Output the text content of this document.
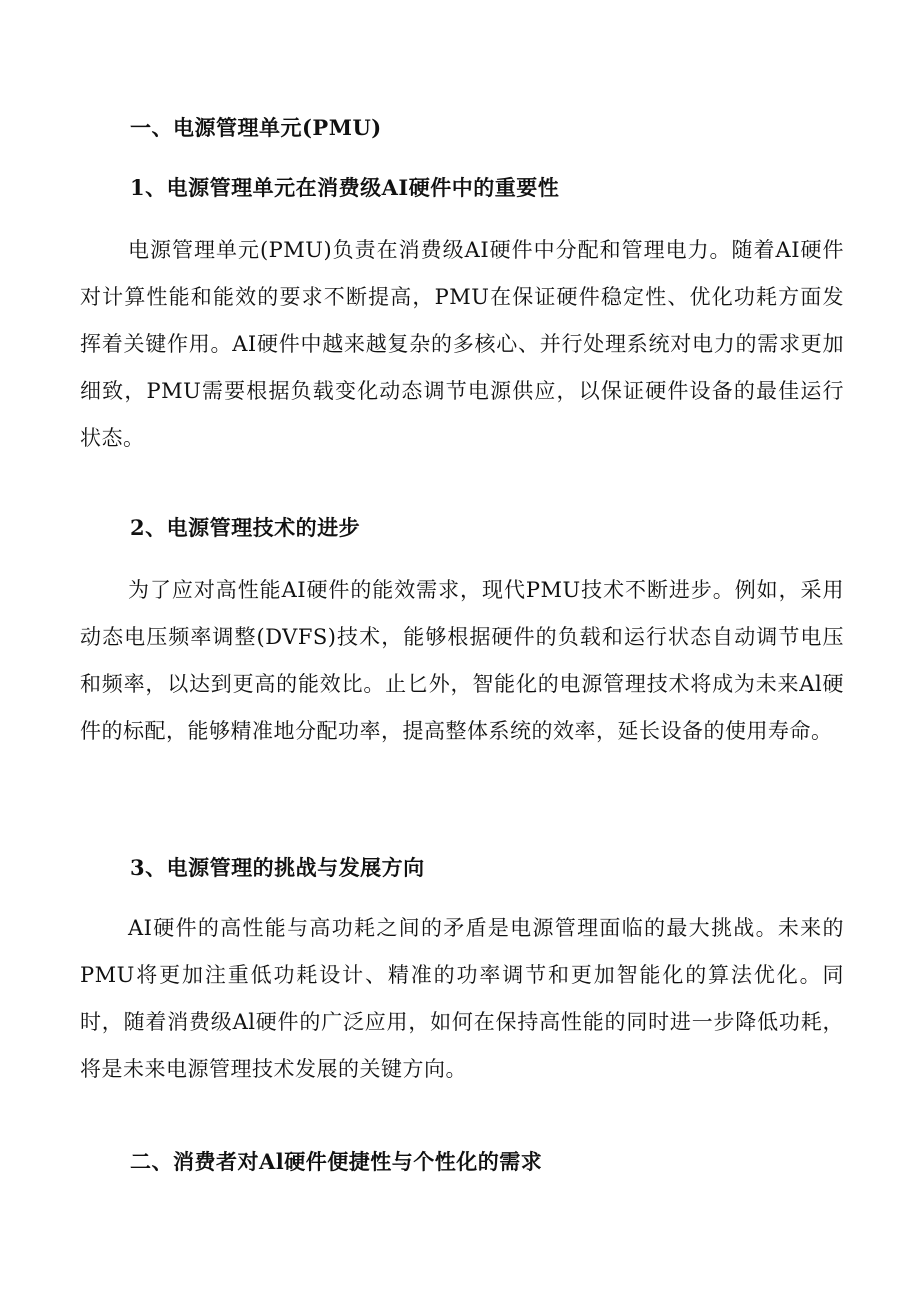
一、电源管理单元(PMU)
1、电源管理单元在消费级AI硬件中的重要性

电源管理单元(PMU)负责在消费级AI硬件中分配和管理电力。随着AI硬件对计算性能和能效的要求不断提高，PMU在保证硬件稳定性、优化功耗方面发挥着关键作用。AI硬件中越来越复杂的多核心、并行处理系统对电力的需求更加细致，PMU需要根据负载变化动态调节电源供应，以保证硬件设备的最佳运行状态。

2、电源管理技术的进步

为了应对高性能AI硬件的能效需求，现代PMU技术不断进步。例如，采用动态电压频率调整(DVFS)技术，能够根据硬件的负载和运行状态自动调节电压和频率，以达到更高的能效比。止匕外，智能化的电源管理技术将成为未来Al硬件的标配，能够精准地分配功率，提高整体系统的效率，延长设备的使用寿命。

3、电源管理的挑战与发展方向

AI硬件的高性能与高功耗之间的矛盾是电源管理面临的最大挑战。未来的PMU将更加注重低功耗设计、精准的功率调节和更加智能化的算法优化。同时，随着消费级Al硬件的广泛应用，如何在保持高性能的同时进一步降低功耗，将是未来电源管理技术发展的关键方向。

二、消费者对Al硬件便捷性与个性化的需求
